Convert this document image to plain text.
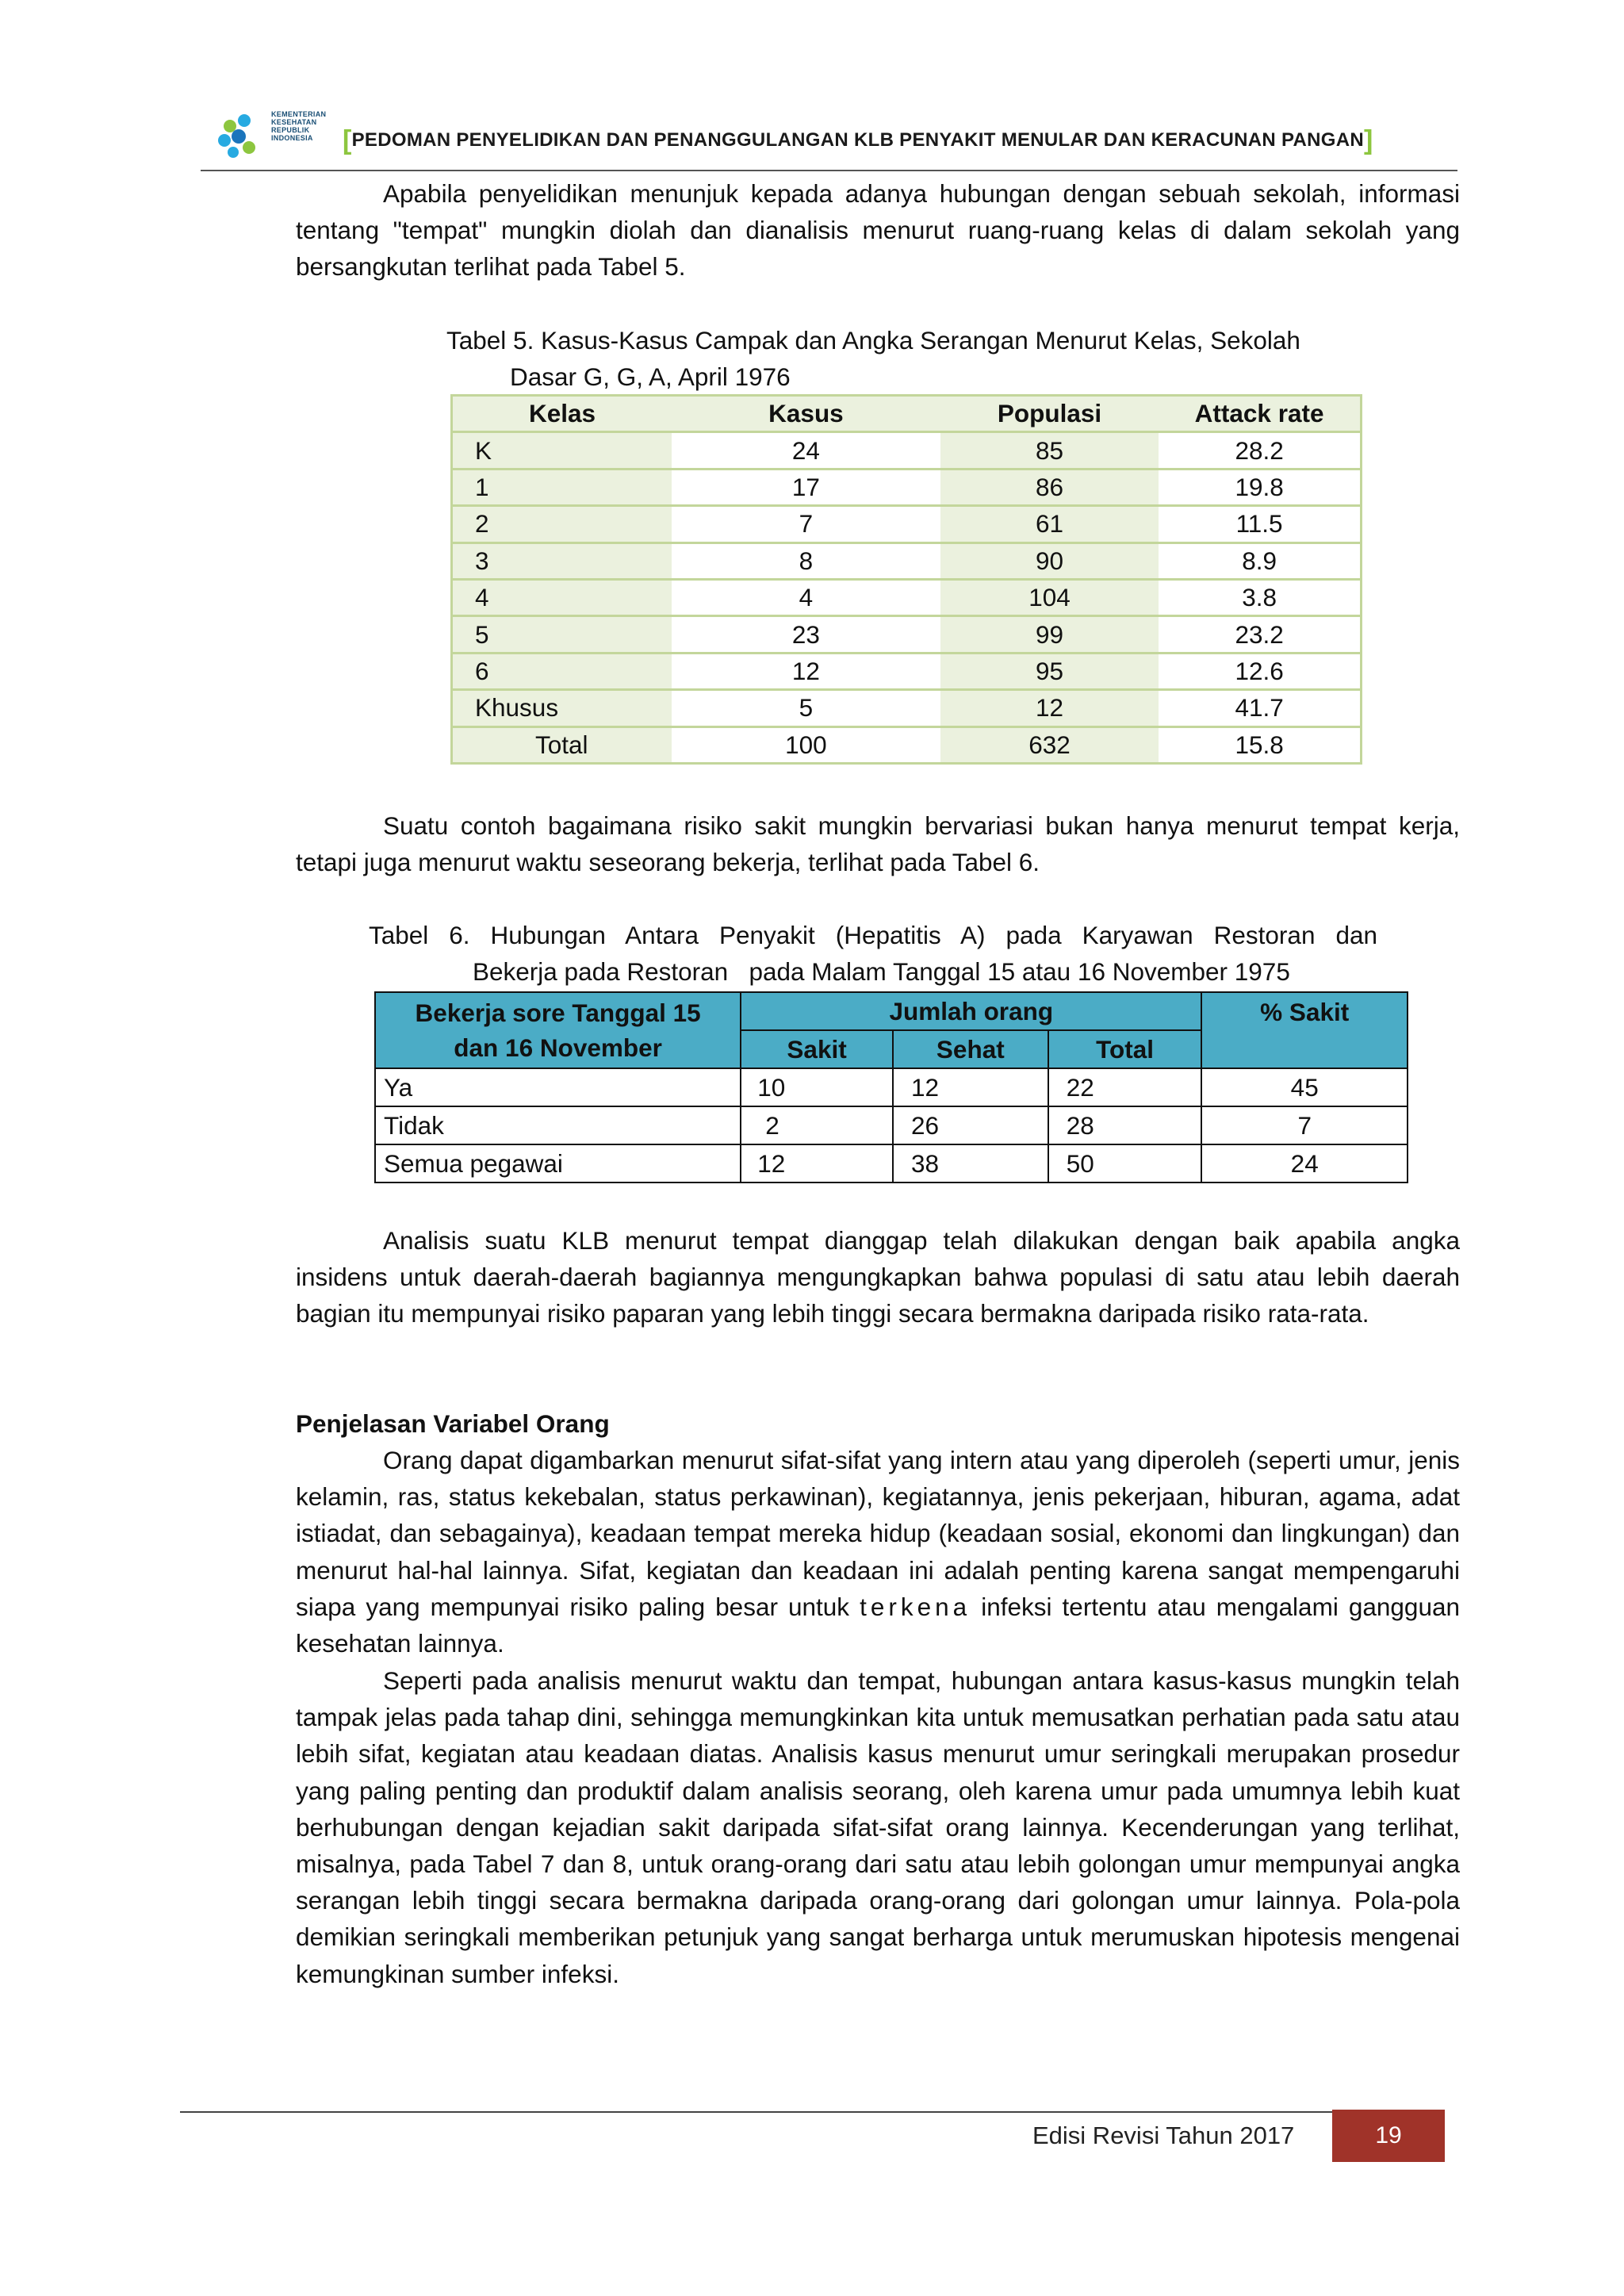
KEMENTERIAN
KESEHATAN
REPUBLIK
INDONESIA	[PEDOMAN PENYELIDIKAN DAN PENANGGULANGAN KLB PENYAKIT MENULAR DAN KERACUNAN PANGAN]
Apabila penyelidikan menunjuk kepada adanya hubungan dengan sebuah sekolah, informasi tentang "tempat" mungkin diolah dan dianalisis menurut ruang-ruang kelas di dalam sekolah yang bersangkutan terlihat pada Tabel 5.
Tabel 5. Kasus-Kasus Campak dan Angka Serangan Menurut Kelas, Sekolah
Dasar G, G, A, April 1976
Kelas	Kasus	Populasi	Attack rate
K	24	85	28.2
1	17	86	19.8
2	7	61	11.5
3	8	90	8.9
4	4	104	3.8
5	23	99	23.2
6	12	95	12.6
Khusus	5	12	41.7
Total	100	632	15.8
Suatu contoh bagaimana risiko sakit mungkin bervariasi bukan hanya menurut tempat kerja, tetapi juga menurut waktu seseorang bekerja, terlihat pada Tabel 6.
Tabel  6.  Hubungan  Antara  Penyakit  (Hepatitis  A)  pada  Karyawan  Restoran  dan
Bekerja pada Restoran   pada Malam Tanggal 15 atau 16 November 1975
Bekerja sore Tanggal 15
dan 16 November	Jumlah orang			% Sakit
	Sakit	Sehat	Total	
Ya	10	12	22	45
Tidak	2	26	28	7
Semua pegawai	12	38	50	24
Analisis suatu KLB menurut tempat dianggap telah dilakukan dengan baik apabila angka insidens untuk daerah-daerah bagiannya mengungkapkan bahwa populasi di satu atau lebih daerah bagian itu mempunyai risiko paparan yang lebih tinggi secara bermakna daripada risiko rata-rata.
Penjelasan Variabel Orang
Orang dapat digambarkan menurut sifat-sifat yang intern atau yang diperoleh (seperti umur, jenis kelamin, ras, status kekebalan, status perkawinan), kegiatannya, jenis pekerjaan, hiburan, agama, adat istiadat, dan sebagainya), keadaan tempat mereka hidup (keadaan sosial, ekonomi dan lingkungan) dan menurut hal-hal lainnya. Sifat, kegiatan dan keadaan ini adalah penting karena sangat mempengaruhi siapa yang mempunyai risiko paling besar untuk terkena infeksi tertentu atau mengalami gangguan kesehatan lainnya.
Seperti pada analisis menurut waktu dan tempat, hubungan antara kasus-kasus mungkin telah tampak jelas pada tahap dini, sehingga memungkinkan kita untuk memusatkan perhatian pada satu atau lebih sifat, kegiatan atau keadaan diatas. Analisis kasus menurut umur seringkali merupakan prosedur yang paling penting dan produktif dalam analisis seorang, oleh karena umur pada umumnya lebih kuat berhubungan dengan kejadian sakit daripada sifat-sifat orang lainnya. Kecenderungan yang terlihat, misalnya, pada Tabel 7 dan 8, untuk orang-orang dari satu atau lebih golongan umur mempunyai angka serangan lebih tinggi secara bermakna daripada orang-orang dari golongan umur lainnya. Pola-pola demikian seringkali memberikan petunjuk yang sangat berharga untuk merumuskan hipotesis mengenai kemungkinan sumber infeksi.
Edisi Revisi Tahun 2017	19
